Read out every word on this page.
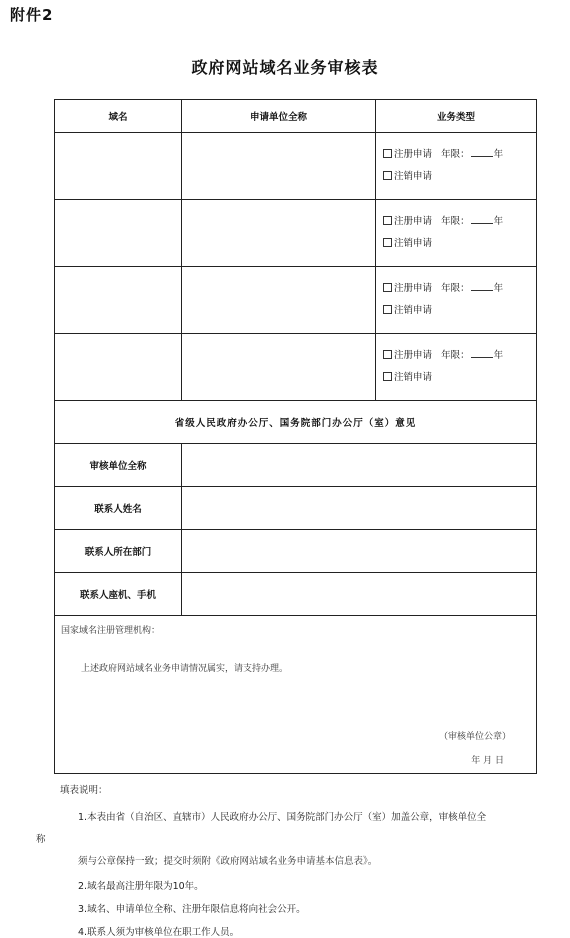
附件2
政府网站域名业务审核表
域名	申请单位全称	业务类型

		注册申请 年限： 年
注销申请

		注册申请 年限： 年
注销申请

		注册申请 年限： 年
注销申请

		注册申请 年限： 年
注销申请

省级人民政府办公厅、国务院部门办公厅（室）意见		
审核单位全称		
联系人姓名		
联系人所在部门		
联系人座机、手机		

国家域名注册管理机构：
上述政府网站域名业务申请情况属实，请支持办理。
（审核单位公章）
年 月 日		
填表说明：
1.本表由省（自治区、直辖市）人民政府办公厅、国务院部门办公厅（室）加盖公章，审核单位全
称
须与公章保持一致；提交时须附《政府网站域名业务申请基本信息表》。
2.域名最高注册年限为10年。
3.域名、申请单位全称、注册年限信息将向社会公开。
4.联系人须为审核单位在职工作人员。
